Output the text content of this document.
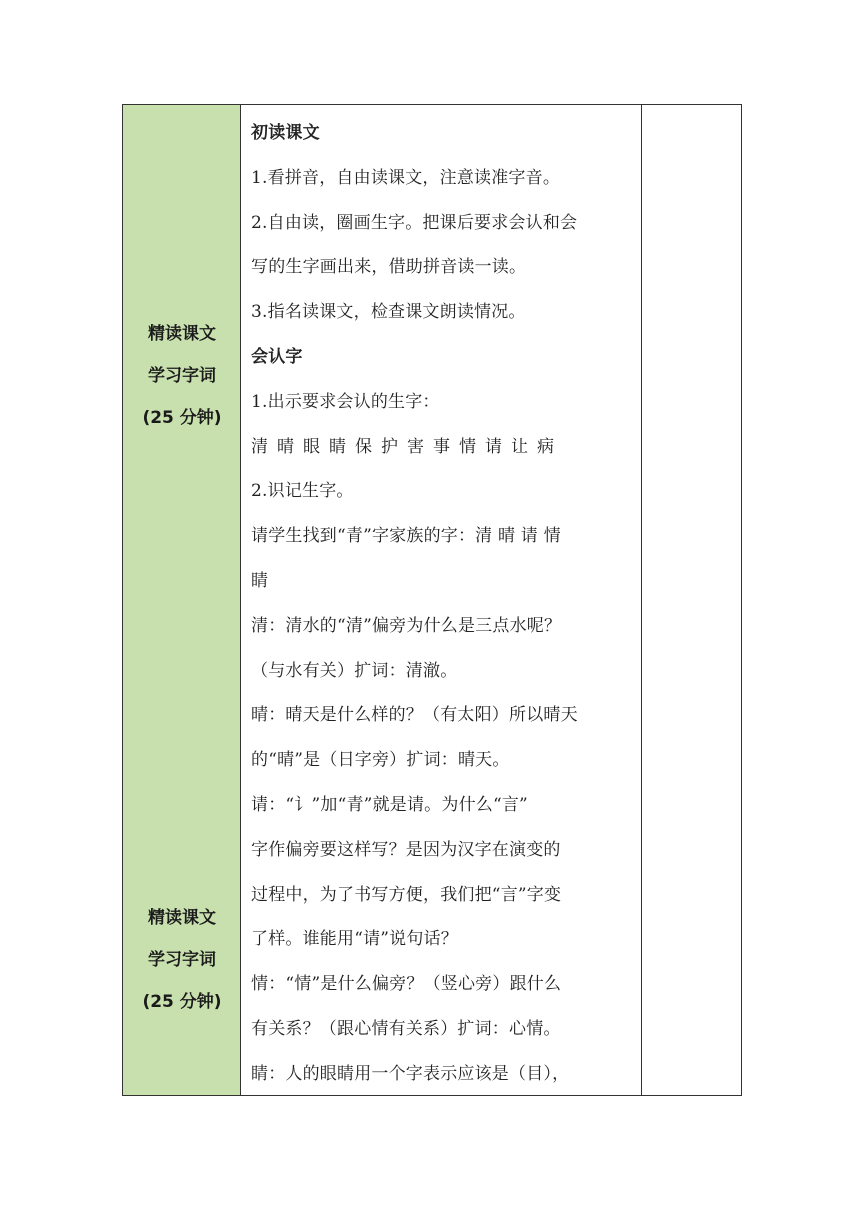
精读课文
学习字词
(25 分钟)
精读课文
学习字词
(25 分钟)
初读课文
1.看拼音，自由读课文，注意读准字音。
2.自由读，圈画生字。把课后要求会认和会
写的生字画出来，借助拼音读一读。
3.指名读课文，检查课文朗读情况。
会认字
1.出示要求会认的生字：
清晴眼睛保护害事情请让病
2.识记生字。
请学生找到“青”字家族的字：清 晴 请 情
睛
清：清水的“清”偏旁为什么是三点水呢？
（与水有关）扩词：清澈。
晴：晴天是什么样的？（有太阳）所以晴天
的“晴”是（日字旁）扩词：晴天。
请：“讠”加“青”就是请。为什么“言”
字作偏旁要这样写？是因为汉字在演变的
过程中，为了书写方便，我们把“言”字变
了样。谁能用“请”说句话？
情：“情”是什么偏旁？（竖心旁）跟什么
有关系？（跟心情有关系）扩词：心情。
睛：人的眼睛用一个字表示应该是（目），
